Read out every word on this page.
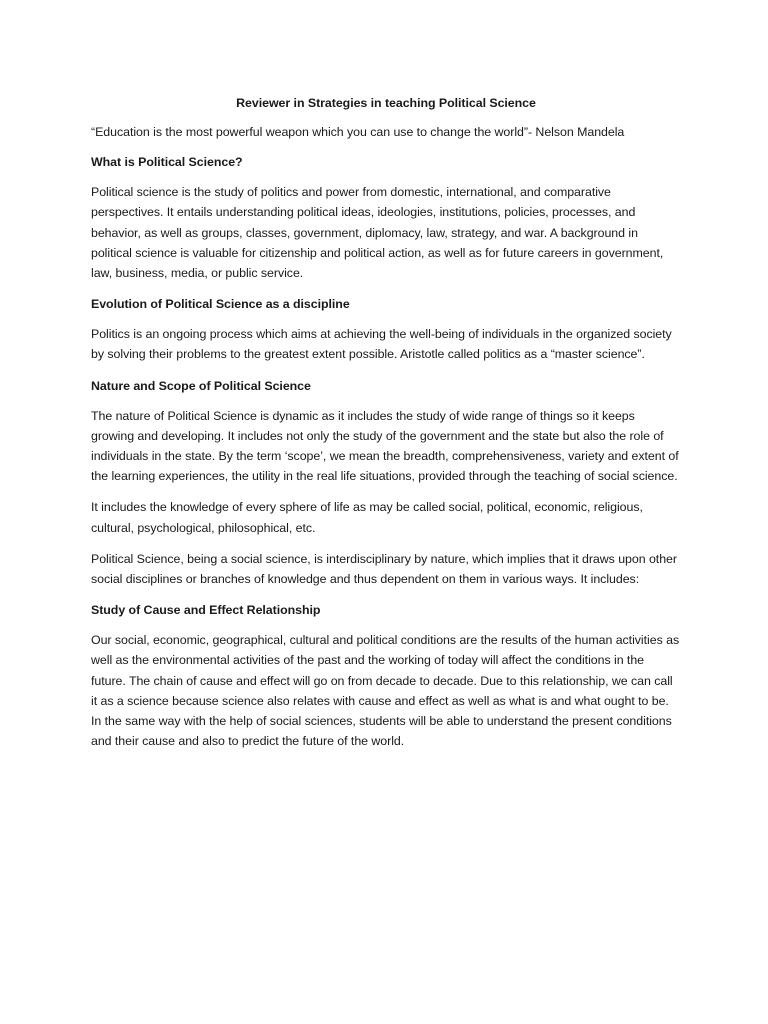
Reviewer in Strategies in teaching Political Science

“Education is the most powerful weapon which you can use to change the world”- Nelson Mandela

What is Political Science?

Political science is the study of politics and power from domestic, international, and comparative perspectives. It entails understanding political ideas, ideologies, institutions, policies, processes, and behavior, as well as groups, classes, government, diplomacy, law, strategy, and war. A background in political science is valuable for citizenship and political action, as well as for future careers in government, law, business, media, or public service.

Evolution of Political Science as a discipline

Politics is an ongoing process which aims at achieving the well-being of individuals in the organized society by solving their problems to the greatest extent possible. Aristotle called politics as a “master science”.

Nature and Scope of Political Science

The nature of Political Science is dynamic as it includes the study of wide range of things so it keeps growing and developing. It includes not only the study of the government and the state but also the role of individuals in the state. By the term ‘scope’, we mean the breadth, comprehensiveness, variety and extent of the learning experiences, the utility in the real life situations, provided through the teaching of social science.

It includes the knowledge of every sphere of life as may be called social, political, economic, religious, cultural, psychological, philosophical, etc.

Political Science, being a social science, is interdisciplinary by nature, which implies that it draws upon other social disciplines or branches of knowledge and thus dependent on them in various ways. It includes:

Study of Cause and Effect Relationship

Our social, economic, geographical, cultural and political conditions are the results of the human activities as well as the environmental activities of the past and the working of today will affect the conditions in the future. The chain of cause and effect will go on from decade to decade. Due to this relationship, we can call it as a science because science also relates with cause and effect as well as what is and what ought to be. In the same way with the help of social sciences, students will be able to understand the present conditions and their cause and also to predict the future of the world.
